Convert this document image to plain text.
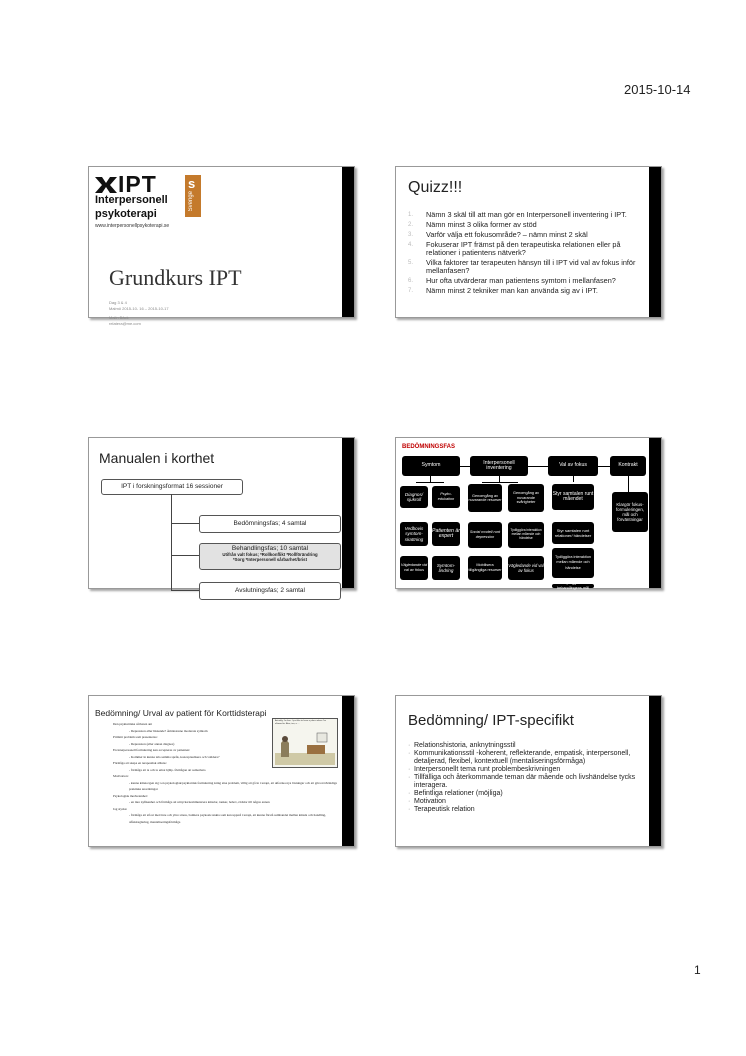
2015-10-14
IPT s
Sverige
Interpersonell
psykoterapi
www.interpersonellpsykoterapi.se
Grundkurs IPT
Dag 3 & 4
Malmö 2015-10- 16 – 2015-10-17
Malin Bäck
relatera@me.com
Quizz!!!
1. Nämn 3 skäl till att man gör en Interpersonell inventering i IPT.
2. Nämn minst 3 olika former av stöd
3. Varför välja ett fokusområde? – nämn minst 2 skäl
4. Fokuserar IPT främst på den terapeutiska relationen eller på relationer i patientens nätverk?
5. Vilka faktorer tar terapeuten hänsyn till i IPT vid val av fokus inför mellanfasen?
6. Hur ofta utvärderar man patientens symtom i mellanfasen?
7. Nämn minst 2 tekniker man kan använda sig av i IPT.
Manualen i korthet
IPT i forskningsformat 16 sessioner
Bedömningsfas; 4 samtal
Behandlingsfas; 10 samtal
Utifrån valt fokus; *Rollkonflikt *Rollförändring
*Sorg *Interpersonell sårbarhet/brist
Avslutningsfas; 2 samtal
BEDÖMNINGSFAS
Symtom	Interpersonell inventering	Val av fokus	Kontrakt
Diagnos/ sjukroll
Vedbovis symtom-skattning
Vägledande vid val av fokus
Psyko-edukation
Patienten är expert
Symtom-lindring
Genomgång av nuvarande resurser
Social modell runt depression
Mobilisera tillgängliga resurser
Genomgång av nuvarande svårigheter
Tydliggöra interaktion mellan mående och händelse
Vägledande vid val av fokus
Styr samtalen runt måendet
Styr samtalen runt relationer/ händelser
Tydliggöra interaktion mellan mående och händelse
Tydliggöra behandlingens mål
Klargör fokus-formuleringen, mål och förväntningar
Bedömning/ Urval av patient för Korttidsterapi
Actually, I'm fine. I just like to have a place where I'm allowed to. Also, too, a ...
Den psykiatriska sårbaren ant
- Depression eller liknande? Ämnistonne moderata symtom
Primärt problem som presenteras:
- Depression (eller annan diagnos)
En interpersonell formulering kan accepteras av patienten:
- Kommer in kunna tala samma språk, konceptualisera och validera?
Förmåga att skapa en terapeutisk allians:
- förmåga att ta och ta emot hjälp. förmågan att samarbeta
Motivation:
- kunna känna igen sig i en psykologisk/psykiatrisk formulering kring sina problem, villig att gå in i terapi, att utforska nya lösningar och att göra nödvändiga praktiska anordningar
Psykologisk medvetenhet:
- en inre nyfikenhet och förmåga att uttrycka/kommunicera känslor, tankar, behov, rädslor till någon annan
Jag styrka:
- förmåga att stå ut med inre och yttre stress, bamiera psykosk tankta som kan uppstå i terapi, att kunna förstå sambandet mellan känsla och handling, affektreglering, mentaliseringsförmåga
Bedömning/ IPT-specifikt
· Relationshistoria, anknytningsstil
· Kommunikationsstil -koherent, reflekterande, empatisk, interpersonell, detaljerad, flexibel, kontextuell (mentaliseringsförmåga)
· Interpersonellt tema runt problembeskrivningen
· Tillfälliga och återkommande teman där mående och livshändelse tycks interagera.
· Befintliga relationer (möjliga)
· Motivation
· Terapeutisk relation
1
